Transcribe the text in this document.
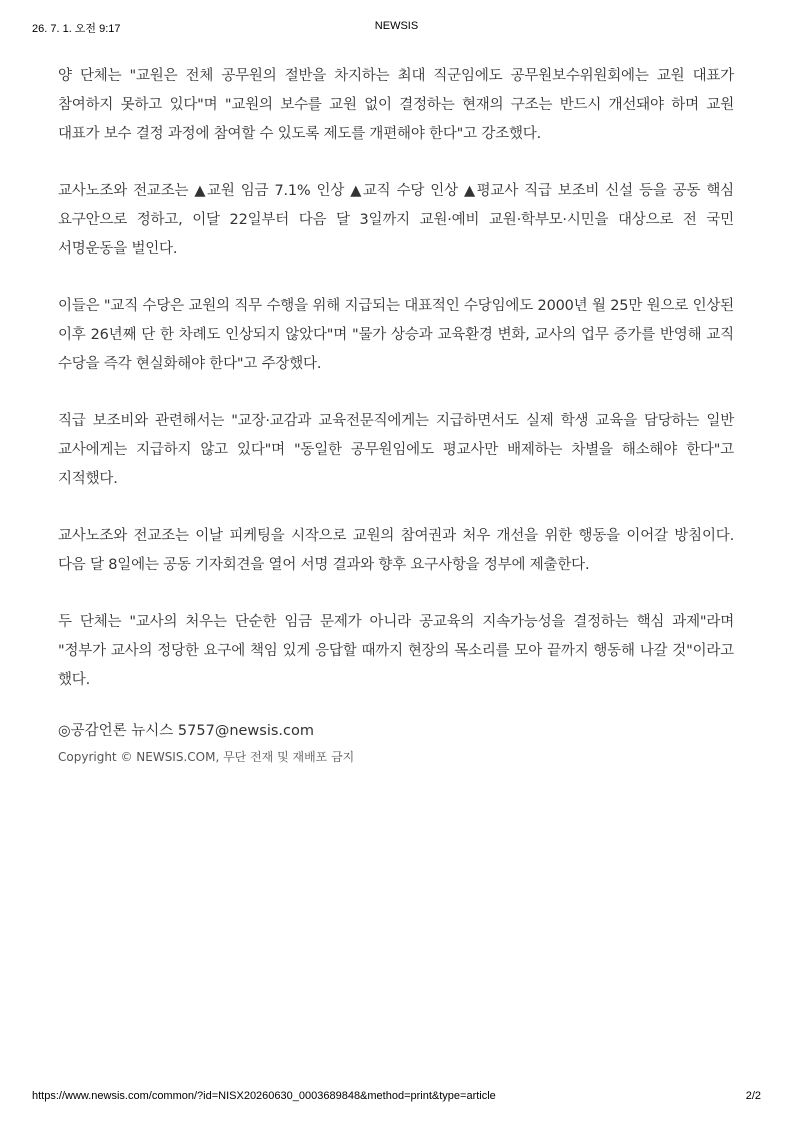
26. 7. 1. 오전 9:17	NEWSIS

양 단체는 "교원은 전체 공무원의 절반을 차지하는 최대 직군임에도 공무원보수위원회에는 교원 대표가 참여하지 못하고 있다"며 "교원의 보수를 교원 없이 결정하는 현재의 구조는 반드시 개선돼야 하며 교원 대표가 보수 결정 과정에 참여할 수 있도록 제도를 개편해야 한다"고 강조했다.

교사노조와 전교조는 ▲교원 임금 7.1% 인상 ▲교직 수당 인상 ▲평교사 직급 보조비 신설 등을 공동 핵심 요구안으로 정하고, 이달 22일부터 다음 달 3일까지 교원·예비 교원·학부모·시민을 대상으로 전 국민 서명운동을 벌인다.

이들은 "교직 수당은 교원의 직무 수행을 위해 지급되는 대표적인 수당임에도 2000년 월 25만 원으로 인상된 이후 26년째 단 한 차례도 인상되지 않았다"며 "물가 상승과 교육환경 변화, 교사의 업무 증가를 반영해 교직 수당을 즉각 현실화해야 한다"고 주장했다.

직급 보조비와 관련해서는 "교장·교감과 교육전문직에게는 지급하면서도 실제 학생 교육을 담당하는 일반 교사에게는 지급하지 않고 있다"며 "동일한 공무원임에도 평교사만 배제하는 차별을 해소해야 한다"고 지적했다.

교사노조와 전교조는 이날 피케팅을 시작으로 교원의 참여권과 처우 개선을 위한 행동을 이어갈 방침이다. 다음 달 8일에는 공동 기자회견을 열어 서명 결과와 향후 요구사항을 정부에 제출한다.

두 단체는 "교사의 처우는 단순한 임금 문제가 아니라 공교육의 지속가능성을 결정하는 핵심 과제"라며 "정부가 교사의 정당한 요구에 책임 있게 응답할 때까지 현장의 목소리를 모아 끝까지 행동해 나갈 것"이라고 했다.

◎공감언론 뉴시스 5757@newsis.com
Copyright © NEWSIS.COM, 무단 전재 및 재배포 금지
https://www.newsis.com/common/?id=NISX20260630_0003689848&method=print&type=article	2/2
